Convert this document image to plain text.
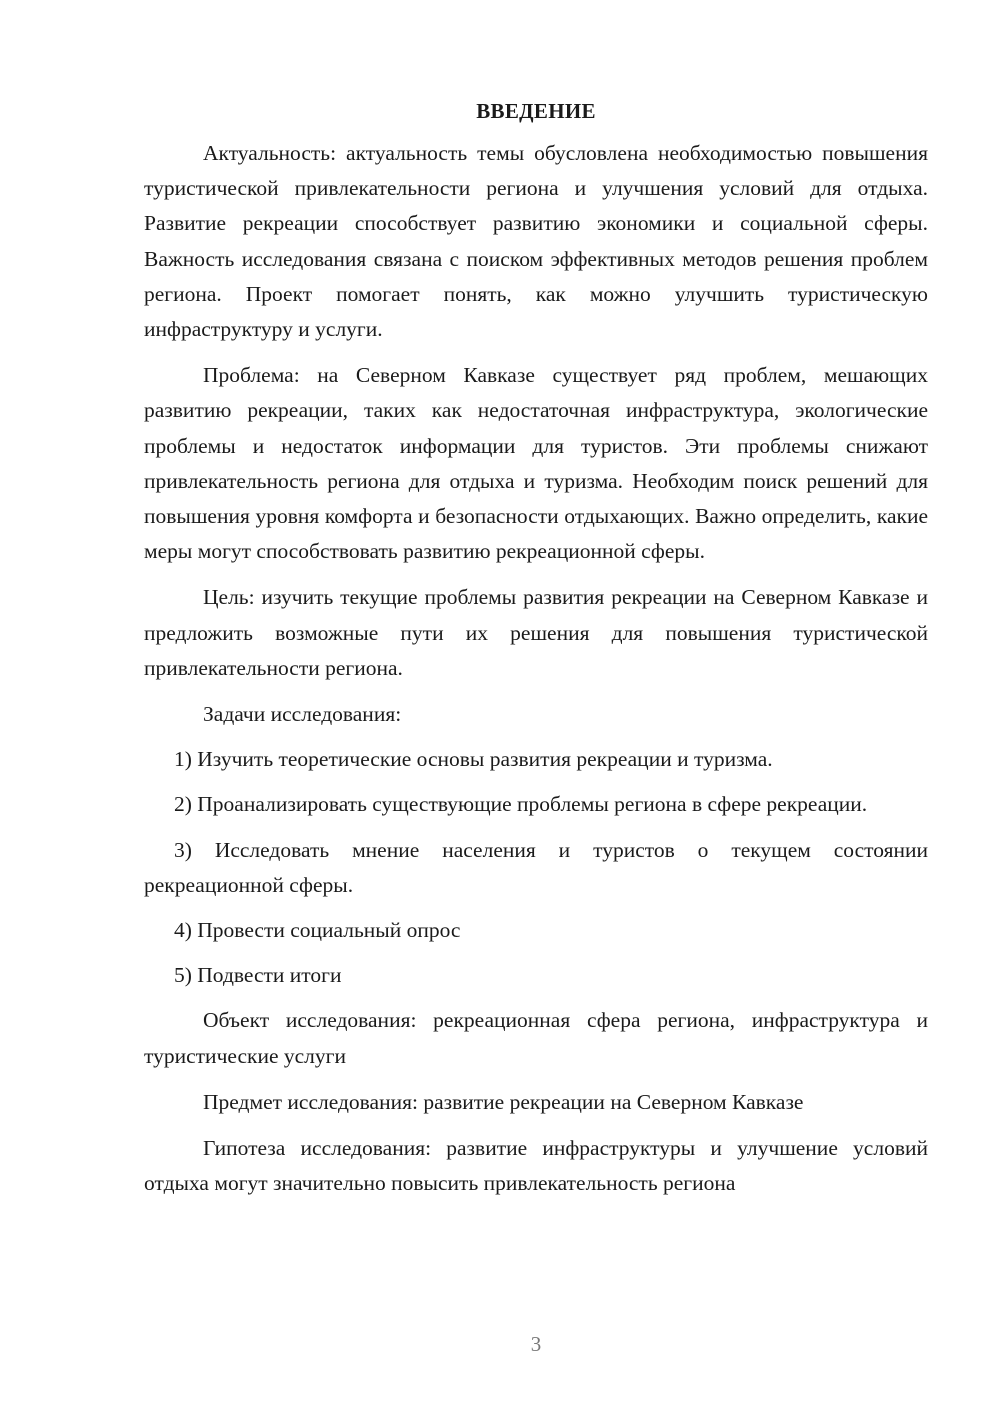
ВВЕДЕНИЕ

Актуальность: актуальность темы обусловлена необходимостью повышения туристической привлекательности региона и улучшения условий для отдыха. Развитие рекреации способствует развитию экономики и социальной сферы. Важность исследования связана с поиском эффективных методов решения проблем региона. Проект помогает понять, как можно улучшить туристическую инфраструктуру и услуги.

Проблема: на Северном Кавказе существует ряд проблем, мешающих развитию рекреации, таких как недостаточная инфраструктура, экологические проблемы и недостаток информации для туристов. Эти проблемы снижают привлекательность региона для отдыха и туризма. Необходим поиск решений для повышения уровня комфорта и безопасности отдыхающих. Важно определить, какие меры могут способствовать развитию рекреационной сферы.

Цель: изучить текущие проблемы развития рекреации на Северном Кавказе и предложить возможные пути их решения для повышения туристической привлекательности региона.

Задачи исследования:

1) Изучить теоретические основы развития рекреации и туризма.

2) Проанализировать существующие проблемы региона в сфере рекреации.

3) Исследовать мнение населения и туристов о текущем состоянии рекреационной сферы.

4) Провести социальный опрос

5) Подвести итоги

Объект исследования: рекреационная сфера региона, инфраструктура и туристические услуги

Предмет исследования: развитие рекреации на Северном Кавказе

Гипотеза исследования: развитие инфраструктуры и улучшение условий отдыха могут значительно повысить привлекательность региона

3
